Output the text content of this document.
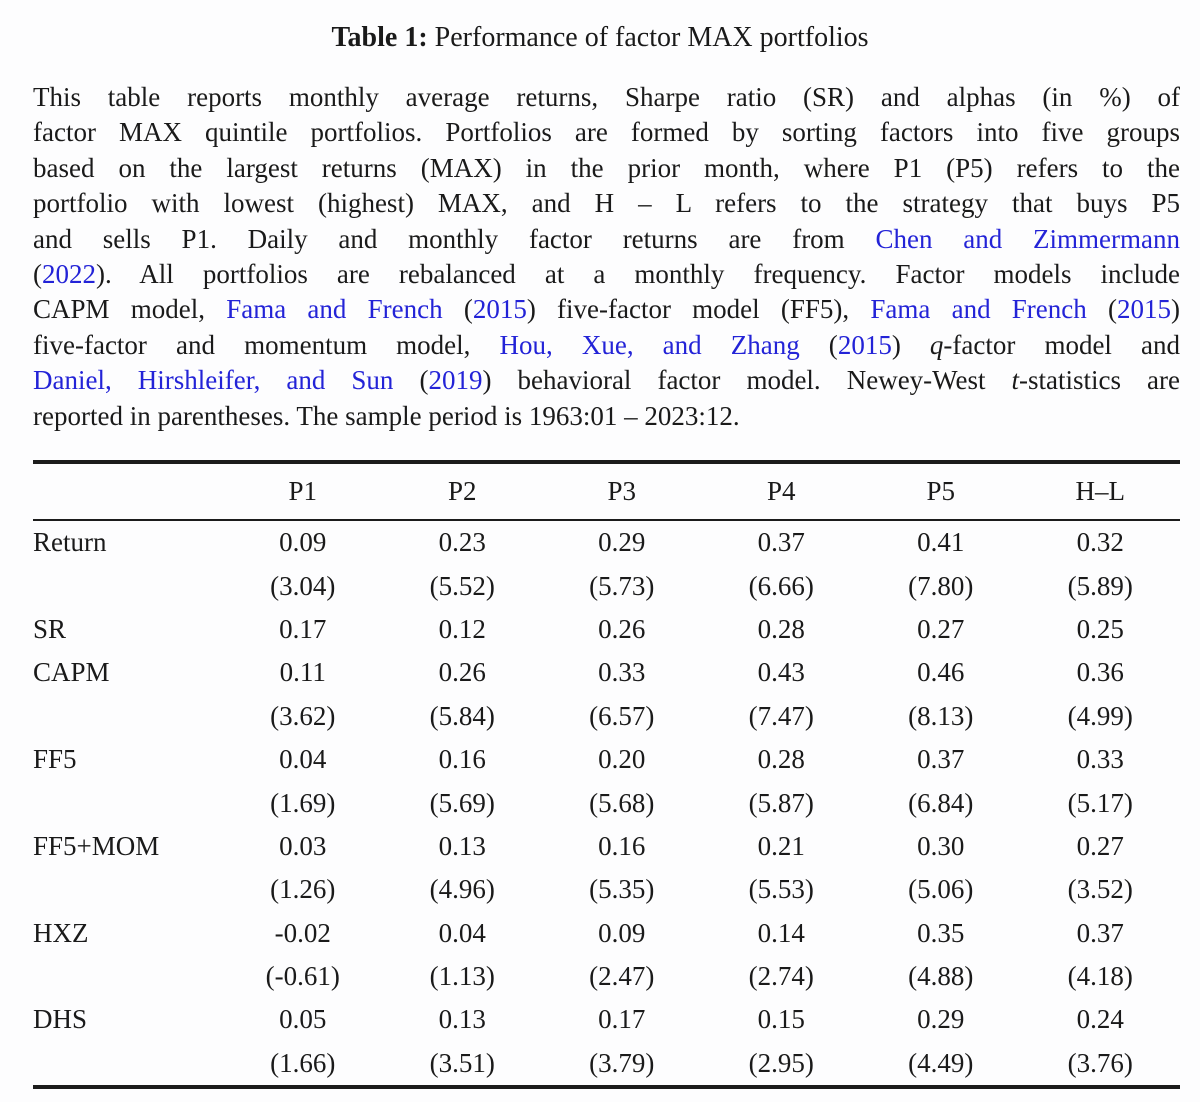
Table 1: Performance of factor MAX portfolios
This table reports monthly average returns, Sharpe ratio (SR) and alphas (in %) of
factor MAX quintile portfolios. Portfolios are formed by sorting factors into five groups
based on the largest returns (MAX) in the prior month, where P1 (P5) refers to the
portfolio with lowest (highest) MAX, and H – L refers to the strategy that buys P5
and sells P1. Daily and monthly factor returns are from Chen and Zimmermann
(2022). All portfolios are rebalanced at a monthly frequency. Factor models include
CAPM model, Fama and French (2015) five-factor model (FF5), Fama and French (2015)
five-factor and momentum model, Hou, Xue, and Zhang (2015) q-factor model and
Daniel, Hirshleifer, and Sun (2019) behavioral factor model. Newey-West t-statistics are
reported in parentheses. The sample period is 1963:01 – 2023:12.
P1	P2	P3	P4	P5	H–L
Return	0.09	0.23	0.29	0.37	0.41	0.32
(3.04)	(5.52)	(5.73)	(6.66)	(7.80)	(5.89)
SR	0.17	0.12	0.26	0.28	0.27	0.25
CAPM	0.11	0.26	0.33	0.43	0.46	0.36
(3.62)	(5.84)	(6.57)	(7.47)	(8.13)	(4.99)
FF5	0.04	0.16	0.20	0.28	0.37	0.33
(1.69)	(5.69)	(5.68)	(5.87)	(6.84)	(5.17)
FF5+MOM	0.03	0.13	0.16	0.21	0.30	0.27
(1.26)	(4.96)	(5.35)	(5.53)	(5.06)	(3.52)
HXZ	-0.02	0.04	0.09	0.14	0.35	0.37
(-0.61)	(1.13)	(2.47)	(2.74)	(4.88)	(4.18)
DHS	0.05	0.13	0.17	0.15	0.29	0.24
(1.66)	(3.51)	(3.79)	(2.95)	(4.49)	(3.76)
